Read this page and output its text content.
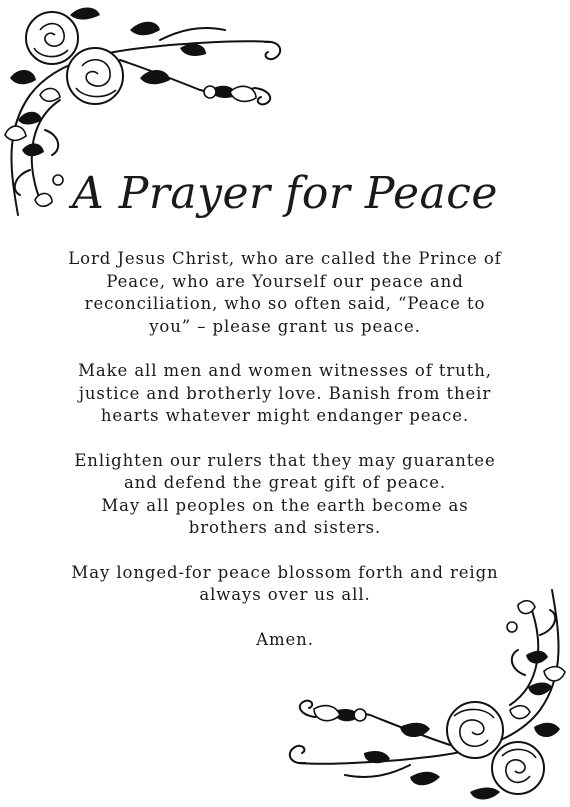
A Prayer for Peace

Lord Jesus Christ, who are called the Prince of
Peace, who are Yourself our peace and
reconciliation, who so often said, “Peace to
you” – please grant us peace.

Make all men and women witnesses of truth,
justice and brotherly love. Banish from their
hearts whatever might endanger peace.

Enlighten our rulers that they may guarantee
and defend the great gift of peace.
May all peoples on the earth become as
brothers and sisters.

May longed-for peace blossom forth and reign
always over us all.

Amen.
